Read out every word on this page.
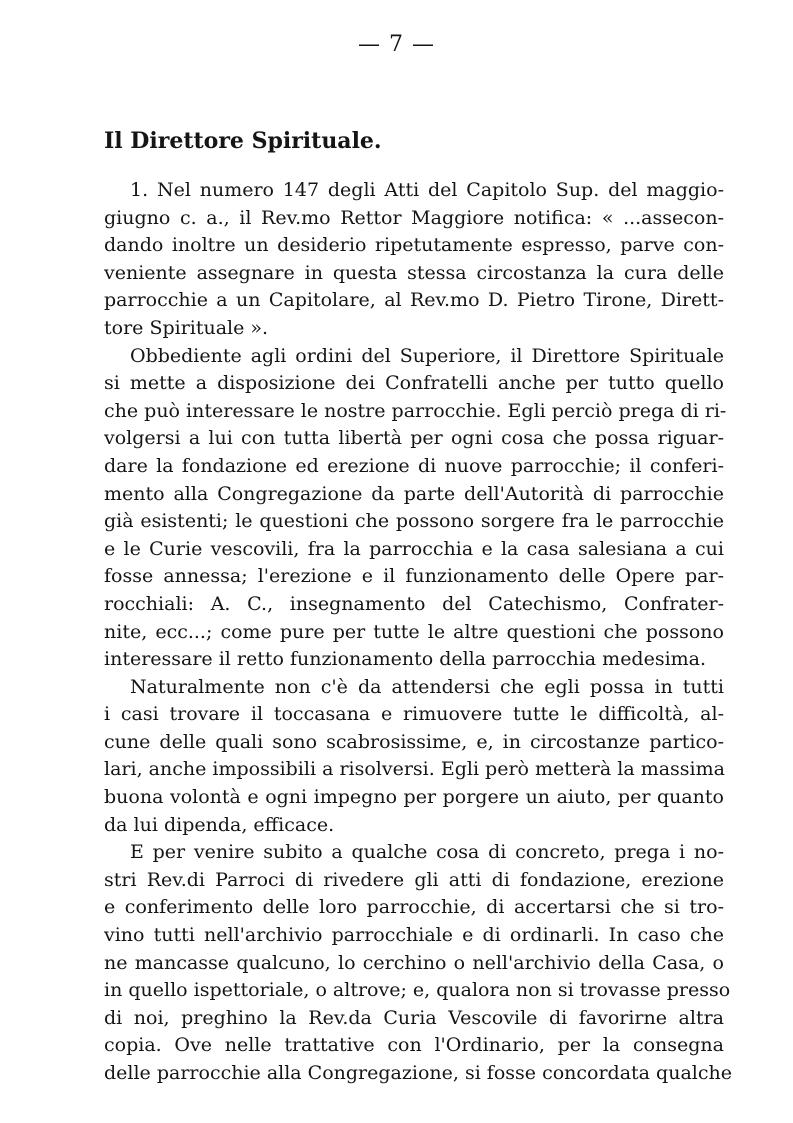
— 7 —
Il Direttore Spirituale.

1. Nel numero 147 degli Atti del Capitolo Sup. del maggio-
giugno c. a., il Rev.mo Rettor Maggiore notifica: « ...assecon-
dando inoltre un desiderio ripetutamente espresso, parve con-
veniente assegnare in questa stessa circostanza la cura delle
parrocchie a un Capitolare, al Rev.mo D. Pietro Tirone, Dirett-
tore Spirituale ».

Obbediente agli ordini del Superiore, il Direttore Spirituale
si mette a disposizione dei Confratelli anche per tutto quello
che può interessare le nostre parrocchie. Egli perciò prega di ri-
volgersi a lui con tutta libertà per ogni cosa che possa riguar-
dare la fondazione ed erezione di nuove parrocchie; il conferi-
mento alla Congregazione da parte dell'Autorità di parrocchie
già esistenti; le questioni che possono sorgere fra le parrocchie
e le Curie vescovili, fra la parrocchia e la casa salesiana a cui
fosse annessa; l'erezione e il funzionamento delle Opere par-
rocchiali: A. C., insegnamento del Catechismo, Confrater-
nite, ecc...; come pure per tutte le altre questioni che possono
interessare il retto funzionamento della parrocchia medesima.

Naturalmente non c'è da attendersi che egli possa in tutti
i casi trovare il toccasana e rimuovere tutte le difficoltà, al-
cune delle quali sono scabrosissime, e, in circostanze partico-
lari, anche impossibili a risolversi. Egli però metterà la massima
buona volontà e ogni impegno per porgere un aiuto, per quanto
da lui dipenda, efficace.

E per venire subito a qualche cosa di concreto, prega i no-
stri Rev.di Parroci di rivedere gli atti di fondazione, erezione
e conferimento delle loro parrocchie, di accertarsi che si tro-
vino tutti nell'archivio parrocchiale e di ordinarli. In caso che
ne mancasse qualcuno, lo cerchino o nell'archivio della Casa, o
in quello ispettoriale, o altrove; e, qualora non si trovasse presso
di noi, preghino la Rev.da Curia Vescovile di favorirne altra
copia. Ove nelle trattative con l'Ordinario, per la consegna
delle parrocchie alla Congregazione, si fosse concordata qualche
